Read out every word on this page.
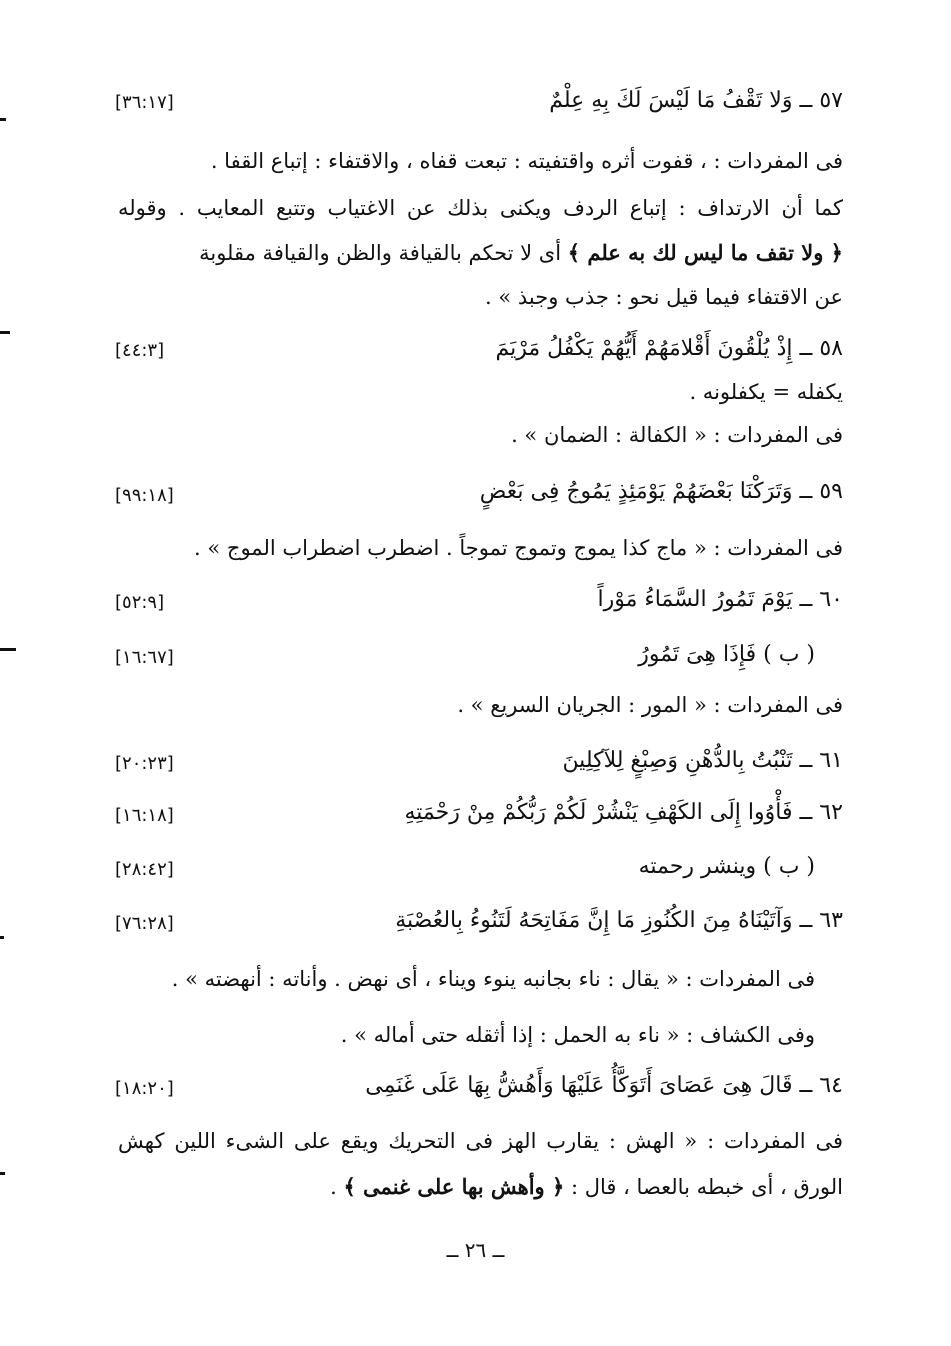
٥٧ ــ وَلا تَقْفُ مَا لَيْسَ لَكَ بِهِ عِلْمٌ
[٣٦:١٧]
فى المفردات : ، قفوت أثره واقتفيته : تبعت قفاه ، والاقتفاء : إتباع القفا .
كما أن الارتداف : إتباع الردف ويكنى بذلك عن الاغتياب وتتبع المعايب . وقوله
﴿ ولا تقف ما ليس لك به علم ﴾ أى لا تحكم بالقيافة والظن والقيافة مقلوبة
عن الاقتفاء فيما قيل نحو : جذب وجبذ » .
٥٨ ــ إِذْ يُلْقُونَ أَقْلامَهُمْ أَيُّهُمْ يَكْفُلُ مَرْيَمَ
[٤٤:٣]
يكفله = يكفلونه .
فى المفردات : « الكفالة : الضمان » .
٥٩ ــ وَتَرَكْنَا بَعْضَهُمْ يَوْمَئِذٍ يَمُوجُ فِى بَعْضٍ
[٩٩:١٨]
فى المفردات : « ماج كذا يموج وتموج تموجاً . اضطرب اضطراب الموج » .
٦٠ ــ يَوْمَ تَمُورُ السَّمَاءُ مَوْراً
[٥٢:٩]
( ب ) فَإِذَا هِىَ تَمُورُ
[١٦:٦٧]
فى المفردات : « المور : الجريان السريع » .
٦١ ــ تَنْبُتُ بِالدُّهْنِ وَصِبْغٍ لِلآكِلِينَ
[٢٠:٢٣]
٦٢ ــ فَأْوُوا إِلَى الكَهْفِ يَنْشُرْ لَكُمْ رَبُّكُمْ مِنْ رَحْمَتِهِ
[١٦:١٨]
( ب ) وينشر رحمته
[٢٨:٤٢]
٦٣ ــ وَآتَيْنَاهُ مِنَ الكُنُوزِ مَا إِنَّ مَفَاتِحَهُ لَتَنُوءُ بِالعُصْبَةِ
[٧٦:٢٨]
فى المفردات : « يقال : ناء بجانبه ينوء ويناء ، أى نهض . وأناته : أنهضته » .
وفى الكشاف : « ناء به الحمل : إذا أثقله حتى أماله » .
٦٤ ــ قَالَ هِىَ عَصَاىَ أَتَوَكَّأُ عَلَيْهَا وَأَهُشُّ بِهَا عَلَى غَنَمِى
[١٨:٢٠]
فى المفردات : « الهش : يقارب الهز فى التحريك ويقع على الشىء اللين كهش
الورق ، أى خبطه بالعصا ، قال : ﴿ وأهش بها على غنمى ﴾ .
ــ ٢٦ ــ
